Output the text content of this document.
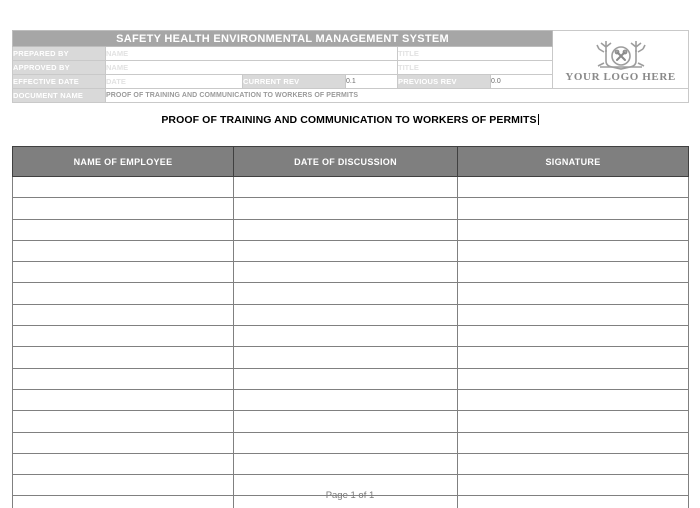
SAFETY HEALTH ENVIRONMENTAL MANAGEMENT SYSTEM						YOUR LOGO HERE

PREPARED BY	NAME			TITLE		
APPROVED BY	NAME			TITLE		
EFFECTIVE DATE	DATE	CURRENT REV	0.1	PREVIOUS REV	0.0	
DOCUMENT NAME	PROOF OF TRAINING AND COMMUNICATION TO WORKERS OF PERMITS					
PROOF OF TRAINING AND COMMUNICATION TO WORKERS OF PERMITS
NAME OF EMPLOYEE	DATE OF DISCUSSION	SIGNATURE

Page 1 of 1
